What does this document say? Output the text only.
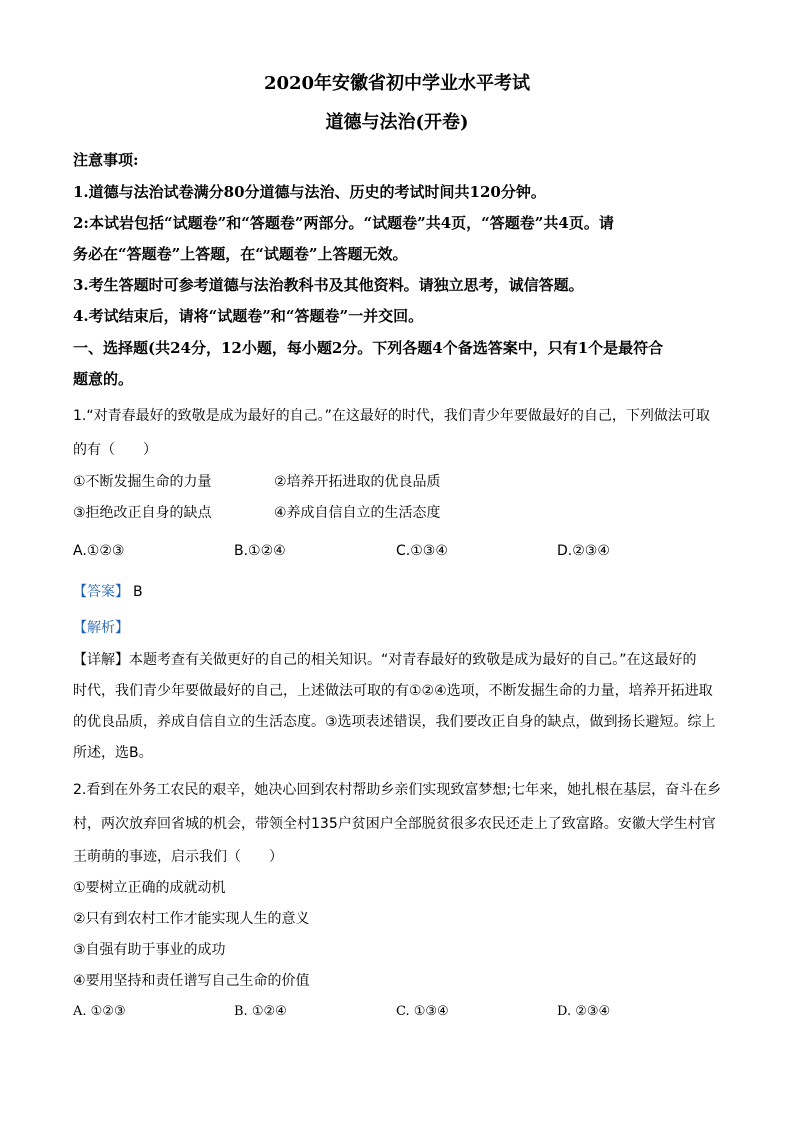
2020年安徽省初中学业水平考试
道德与法治(开卷)
注意事项:
1.道德与法治试卷满分80分道德与法治、历史的考试时间共120分钟。
2:本试岩包括“试题卷”和“答题卷”两部分。“试题卷”共4页，“答题卷”共4页。请
务必在“答题卷”上答题，在“试题卷”上答题无效。
3.考生答题时可参考道德与法治教科书及其他资料。请独立思考，诚信答题。
4.考试结束后，请将“试题卷”和“答题卷”一并交回。
一、选择题(共24分，12小题，每小题2分。下列各题4个备选答案中，只有1个是最符合
题意的。
1.“对青春最好的致敬是成为最好的自己。”在这最好的时代，我们青少年要做最好的自己，下列做法可取
的有（　　）
①不断发掘生命的力量	②培养开拓进取的优良品质
③拒绝改正自身的缺点	④养成自信自立的生活态度
A.①②③	B.①②④	C.①③④	D.②③④
【答案】 B
【解析】
【详解】本题考查有关做更好的自己的相关知识。“对青春最好的致敬是成为最好的自己。”在这最好的
时代，我们青少年要做最好的自己，上述做法可取的有①②④选项，不断发掘生命的力量，培养开拓进取
的优良品质，养成自信自立的生活态度。③选项表述错误，我们要改正自身的缺点，做到扬长避短。综上
所述，选B。
2.看到在外务工农民的艰辛，她决心回到农村帮助乡亲们实现致富梦想;七年来，她扎根在基层，奋斗在乡
村，两次放弃回省城的机会，带领全村135户贫困户全部脱贫很多农民还走上了致富路。安徽大学生村官
王萌萌的事迹，启示我们（　　）
①要树立正确的成就动机
②只有到农村工作才能实现人生的意义
③自强有助于事业的成功
④要用坚持和责任谱写自己生命的价值
A. ①②③	B. ①②④	C. ①③④	D. ②③④
